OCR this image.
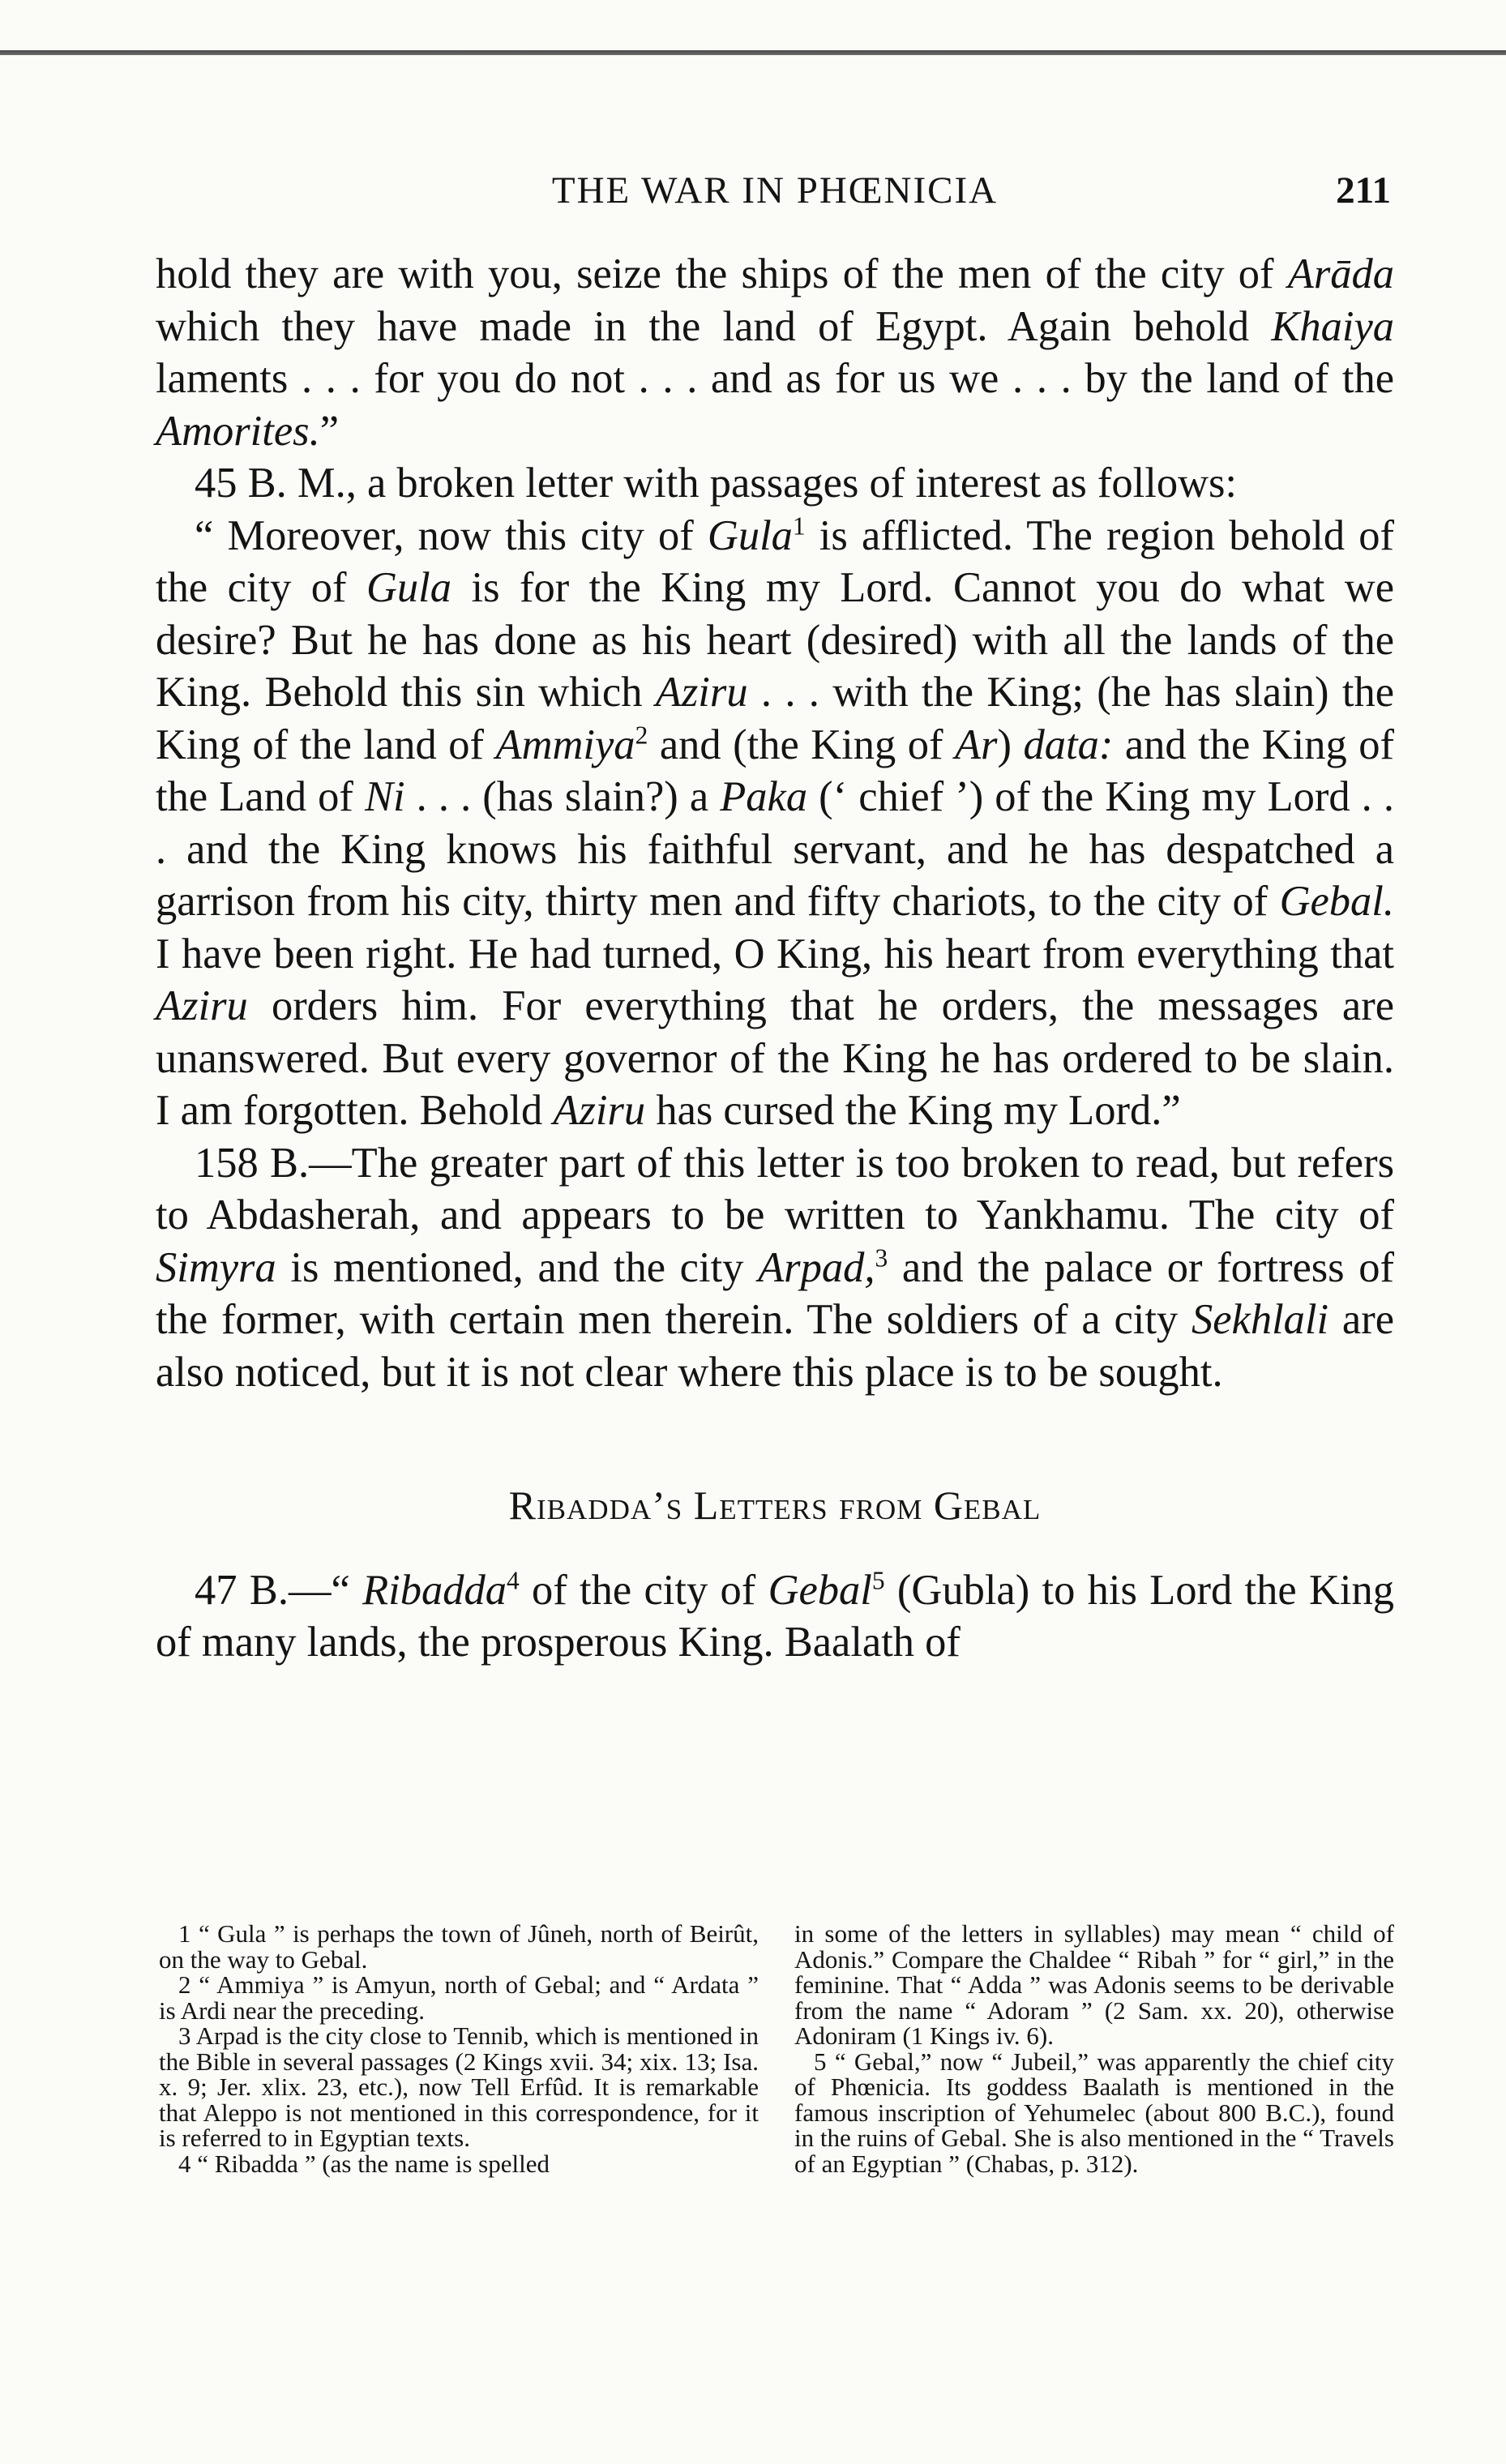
THE WAR IN PHŒNICIA	211

hold they are with you, seize the ships of the men of the city of Arāda which they have made in the land of Egypt. Again behold Khaiya laments . . . for you do not . . . and as for us we . . . by the land of the Amorites.”

45 B. M., a broken letter with passages of interest as follows:

“ Moreover, now this city of Gula$^1$ is afflicted. The region behold of the city of Gula is for the King my Lord. Cannot you do what we desire? But he has done as his heart (desired) with all the lands of the King. Behold this sin which Aziru . . . with the King; (he has slain) the King of the land of Ammiya$^2$ and (the King of Ar) data: and the King of the Land of Ni . . . (has slain?) a Paka (‘ chief ’) of the King my Lord . . . and the King knows his faithful servant, and he has despatched a garrison from his city, thirty men and fifty chariots, to the city of Gebal. I have been right. He had turned, O King, his heart from everything that Aziru orders him. For everything that he orders, the messages are unanswered. But every governor of the King he has ordered to be slain. I am forgotten. Behold Aziru has cursed the King my Lord.”

158 B.—The greater part of this letter is too broken to read, but refers to Abdasherah, and appears to be written to Yankhamu. The city of Simyra is mentioned, and the city Arpad,$^3$ and the palace or fortress of the former, with certain men therein. The soldiers of a city Sekhlali are also noticed, but it is not clear where this place is to be sought.

Ribadda’s Letters from Gebal

47 B.—“ Ribadda$^4$ of the city of Gebal$^5$ (Gubla) to his Lord the King of many lands, the prosperous King. Baalath of

1 “ Gula ” is perhaps the town of Jûneh, north of Beirût, on the way to Gebal.

2 “ Ammiya ” is Amyun, north of Gebal; and “ Ardata ” is Ardi near the preceding.

3 Arpad is the city close to Tennib, which is mentioned in the Bible in several passages (2 Kings xvii. 34; xix. 13; Isa. x. 9; Jer. xlix. 23, etc.), now Tell Erfûd. It is remarkable that Aleppo is not mentioned in this correspondence, for it is referred to in Egyptian texts.

4 “ Ribadda ” (as the name is spelled

in some of the letters in syllables) may mean “ child of Adonis.” Compare the Chaldee “ Ribah ” for “ girl,” in the feminine. That “ Adda ” was Adonis seems to be derivable from the name “ Adoram ” (2 Sam. xx. 20), otherwise Adoniram (1 Kings iv. 6).

5 “ Gebal,” now “ Jubeil,” was apparently the chief city of Phœnicia. Its goddess Baalath is mentioned in the famous inscription of Yehumelec (about 800 B.C.), found in the ruins of Gebal. She is also mentioned in the “ Travels of an Egyptian ” (Chabas, p. 312).
